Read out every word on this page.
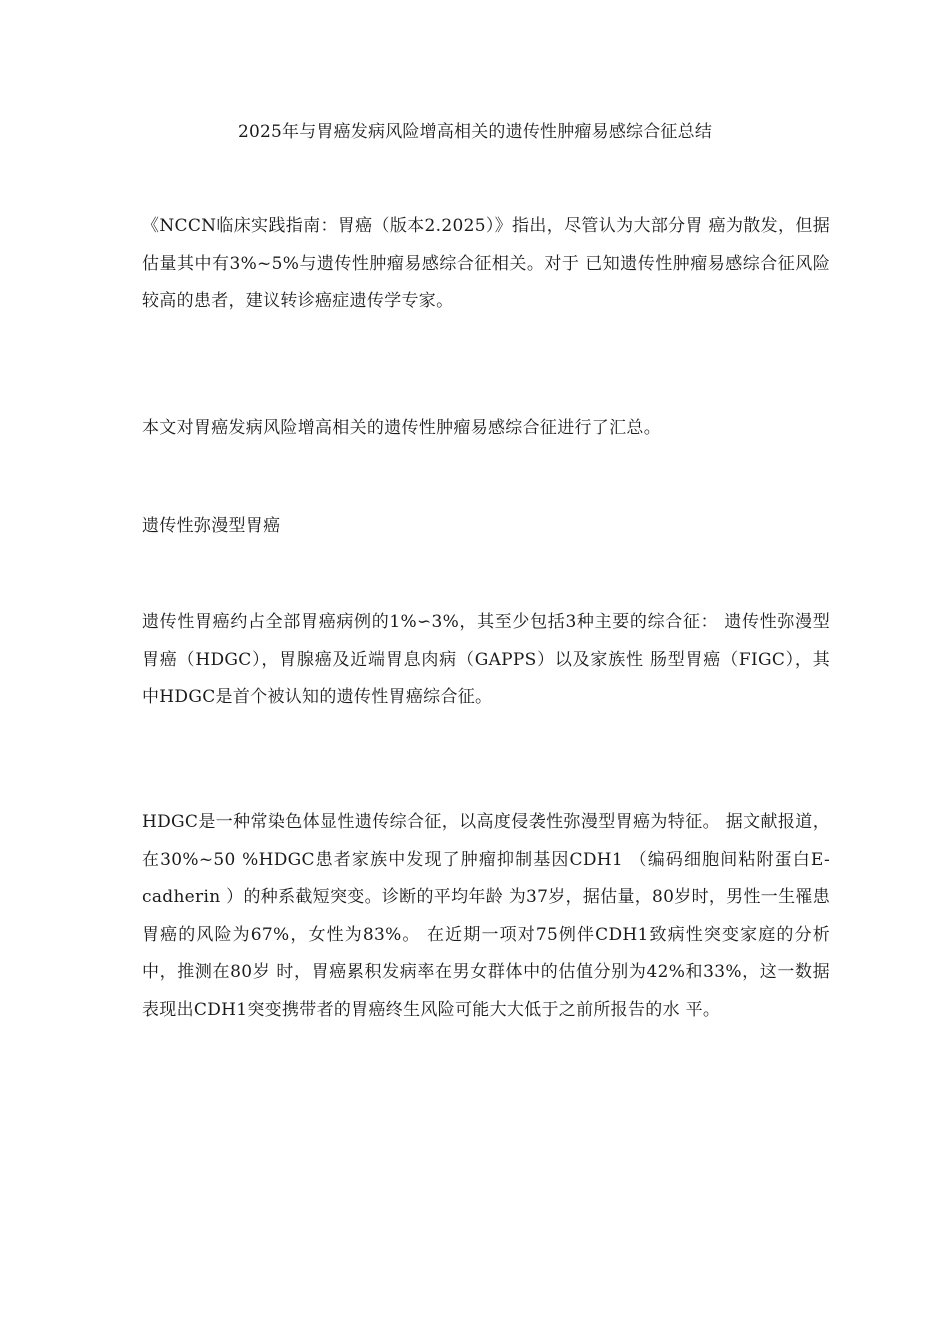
2025年与胃癌发病风险增高相关的遗传性肿瘤易感综合征总结

《NCCN临床实践指南：胃癌（版本2.2025）》指出，尽管认为大部分胃 癌为散发，但据估量其中有3%~5%与遗传性肿瘤易感综合征相关。对于 已知遗传性肿瘤易感综合征风险较高的患者，建议转诊癌症遗传学专家。

本文对胃癌发病风险增高相关的遗传性肿瘤易感综合征进行了汇总。

遗传性弥漫型胃癌

遗传性胃癌约占全部胃癌病例的1%∽3%，其至少包括3种主要的综合征： 遗传性弥漫型胃癌（HDGC），胃腺癌及近端胃息肉病（GAPPS）以及家族性 肠型胃癌（FIGC），其中HDGC是首个被认知的遗传性胃癌综合征。

HDGC是一种常染色体显性遗传综合征，以高度侵袭性弥漫型胃癌为特征。 据文献报道，在30%~50 %HDGC患者家族中发现了肿瘤抑制基因CDH1 （编码细胞间粘附蛋白E-cadherin ）的种系截短突变。诊断的平均年龄 为37岁，据估量，80岁时，男性一生罹患胃癌的风险为67%，女性为83%。 在近期一项对75例伴CDH1致病性突变家庭的分析中，推测在80岁 时，胃癌累积发病率在男女群体中的估值分别为42%和33%，这一数据 表现出CDH1突变携带者的胃癌终生风险可能大大低于之前所报告的水 平。
